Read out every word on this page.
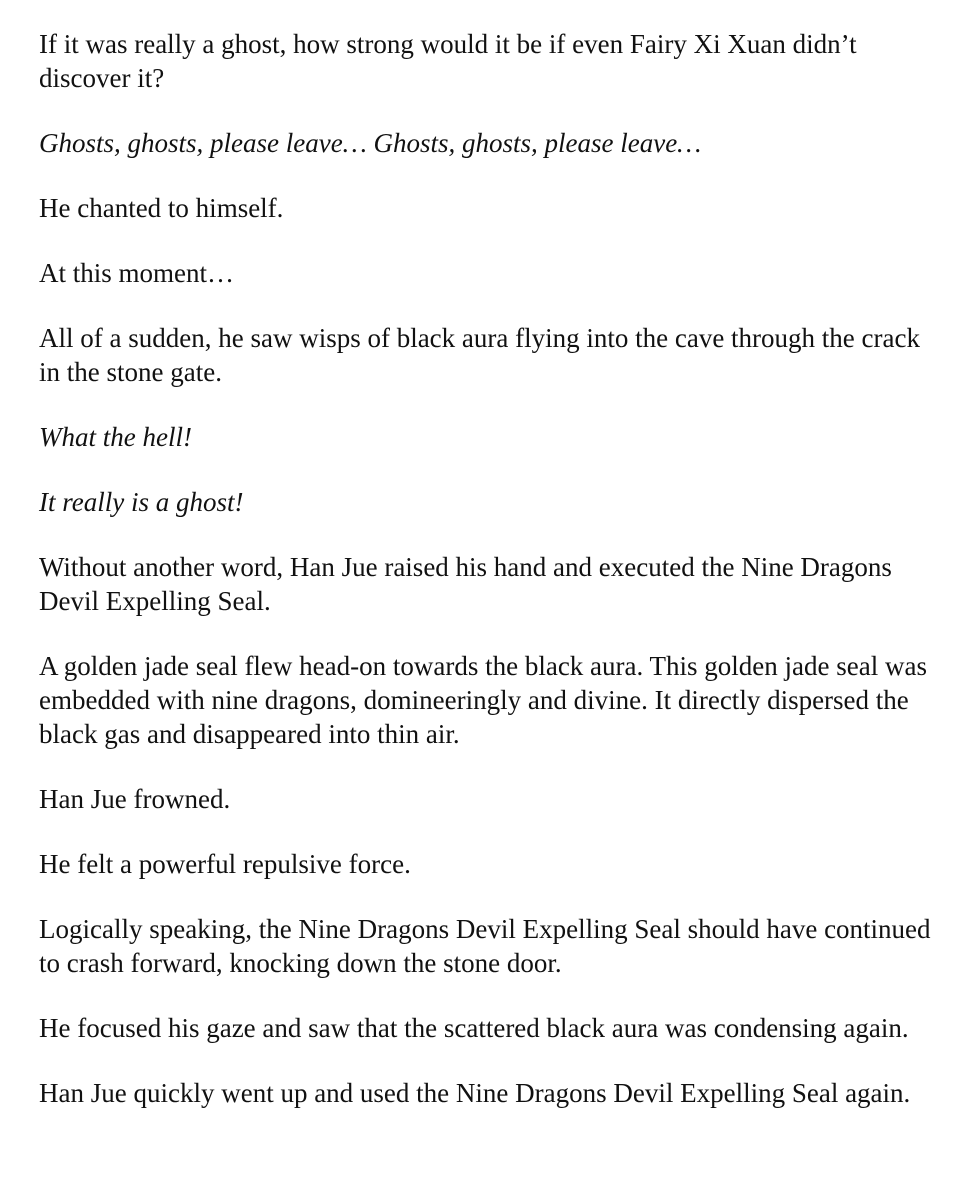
If it was really a ghost, how strong would it be if even Fairy Xi Xuan didn’t discover it?

Ghosts, ghosts, please leave… Ghosts, ghosts, please leave…

He chanted to himself.

At this moment…

All of a sudden, he saw wisps of black aura flying into the cave through the crack in the stone gate.

What the hell!

It really is a ghost!

Without another word, Han Jue raised his hand and executed the Nine Dragons Devil Expelling Seal.

A golden jade seal flew head-on towards the black aura. This golden jade seal was embedded with nine dragons, domineeringly and divine. It directly dispersed the black gas and disappeared into thin air.

Han Jue frowned.

He felt a powerful repulsive force.

Logically speaking, the Nine Dragons Devil Expelling Seal should have continued to crash forward, knocking down the stone door.

He focused his gaze and saw that the scattered black aura was condensing again.

Han Jue quickly went up and used the Nine Dragons Devil Expelling Seal again.
